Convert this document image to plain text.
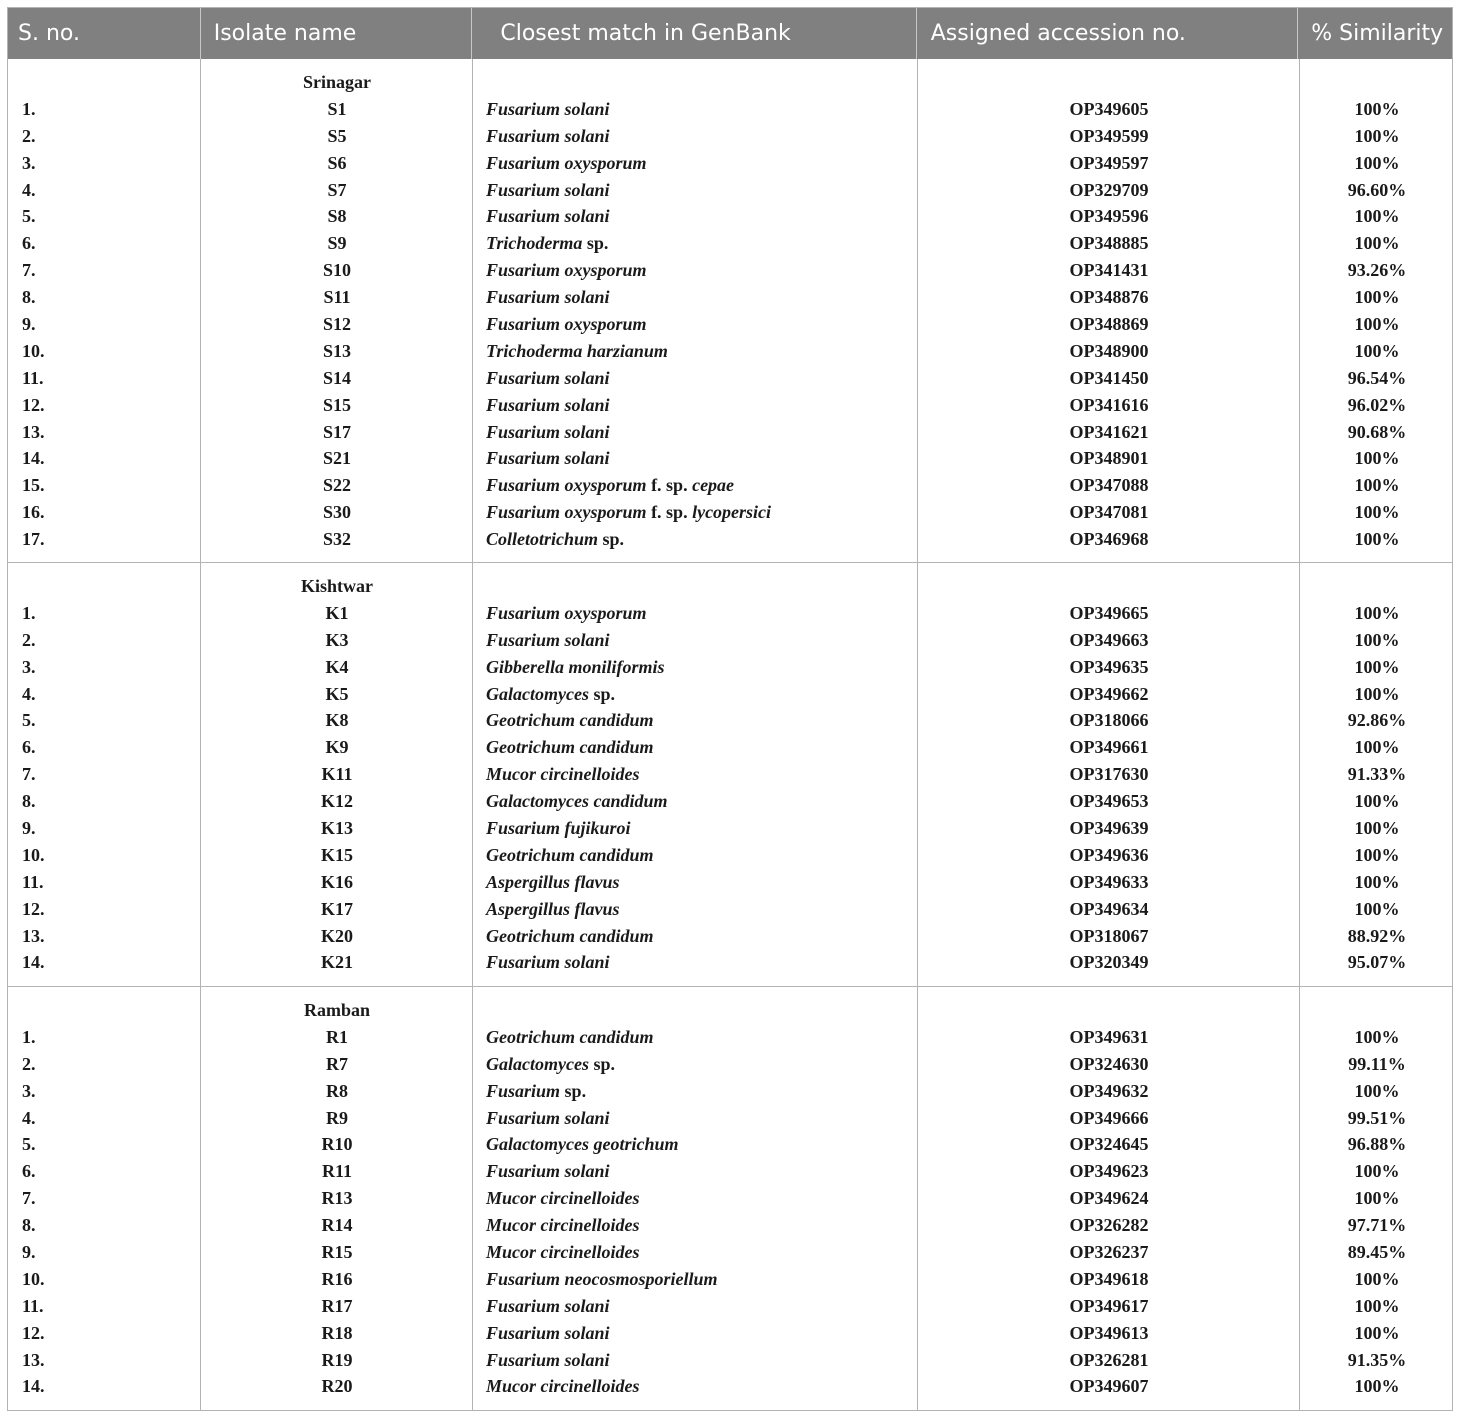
S. no.	Isolate name	Closest match in GenBank	Assigned accession no.	% Similarity
Srinagar
1.	S1	Fusarium solani	OP349605	100%
2.	S5	Fusarium solani	OP349599	100%
3.	S6	Fusarium oxysporum	OP349597	100%
4.	S7	Fusarium solani	OP329709	96.60%
5.	S8	Fusarium solani	OP349596	100%
6.	S9	Trichoderma sp.	OP348885	100%
7.	S10	Fusarium oxysporum	OP341431	93.26%
8.	S11	Fusarium solani	OP348876	100%
9.	S12	Fusarium oxysporum	OP348869	100%
10.	S13	Trichoderma harzianum	OP348900	100%
11.	S14	Fusarium solani	OP341450	96.54%
12.	S15	Fusarium solani	OP341616	96.02%
13.	S17	Fusarium solani	OP341621	90.68%
14.	S21	Fusarium solani	OP348901	100%
15.	S22	Fusarium oxysporum f. sp. cepae	OP347088	100%
16.	S30	Fusarium oxysporum f. sp. lycopersici	OP347081	100%
17.	S32	Colletotrichum sp.	OP346968	100%
Kishtwar
1.	K1	Fusarium oxysporum	OP349665	100%
2.	K3	Fusarium solani	OP349663	100%
3.	K4	Gibberella moniliformis	OP349635	100%
4.	K5	Galactomyces sp.	OP349662	100%
5.	K8	Geotrichum candidum	OP318066	92.86%
6.	K9	Geotrichum candidum	OP349661	100%
7.	K11	Mucor circinelloides	OP317630	91.33%
8.	K12	Galactomyces candidum	OP349653	100%
9.	K13	Fusarium fujikuroi	OP349639	100%
10.	K15	Geotrichum candidum	OP349636	100%
11.	K16	Aspergillus flavus	OP349633	100%
12.	K17	Aspergillus flavus	OP349634	100%
13.	K20	Geotrichum candidum	OP318067	88.92%
14.	K21	Fusarium solani	OP320349	95.07%
Ramban
1.	R1	Geotrichum candidum	OP349631	100%
2.	R7	Galactomyces sp.	OP324630	99.11%
3.	R8	Fusarium sp.	OP349632	100%
4.	R9	Fusarium solani	OP349666	99.51%
5.	R10	Galactomyces geotrichum	OP324645	96.88%
6.	R11	Fusarium solani	OP349623	100%
7.	R13	Mucor circinelloides	OP349624	100%
8.	R14	Mucor circinelloides	OP326282	97.71%
9.	R15	Mucor circinelloides	OP326237	89.45%
10.	R16	Fusarium neocosmosporiellum	OP349618	100%
11.	R17	Fusarium solani	OP349617	100%
12.	R18	Fusarium solani	OP349613	100%
13.	R19	Fusarium solani	OP326281	91.35%
14.	R20	Mucor circinelloides	OP349607	100%
